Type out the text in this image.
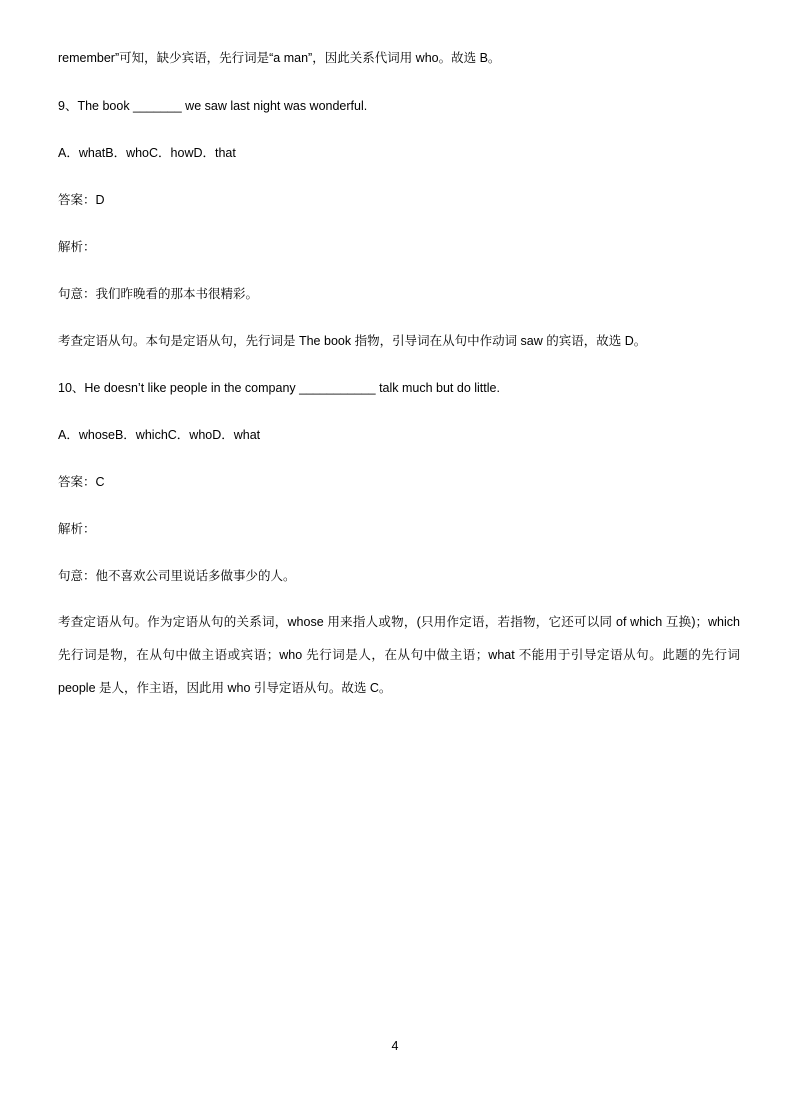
remember”可知，缺少宾语，先行词是“a man”，因此关系代词用 who。故选 B。
9、The book _______ we saw last night was wonderful.
A．whatB．whoC．howD．that
答案：D
解析：
句意：我们昨晚看的那本书很精彩。
考查定语从句。本句是定语从句，先行词是 The book 指物，引导词在从句中作动词 saw 的宾语，故选 D。
10、He doesn’t like people in the company ___________ talk much but do little.
A．whoseB．whichC．whoD．what
答案：C
解析：
句意：他不喜欢公司里说话多做事少的人。
考查定语从句。作为定语从句的关系词，whose 用来指人或物，(只用作定语，若指物，它还可以同 of which 互换)；which 先行词是物，在从句中做主语或宾语；who 先行词是人，在从句中做主语；what 不能用于引导定语从句。此题的先行词 people 是人，作主语，因此用 who 引导定语从句。故选 C。
4
